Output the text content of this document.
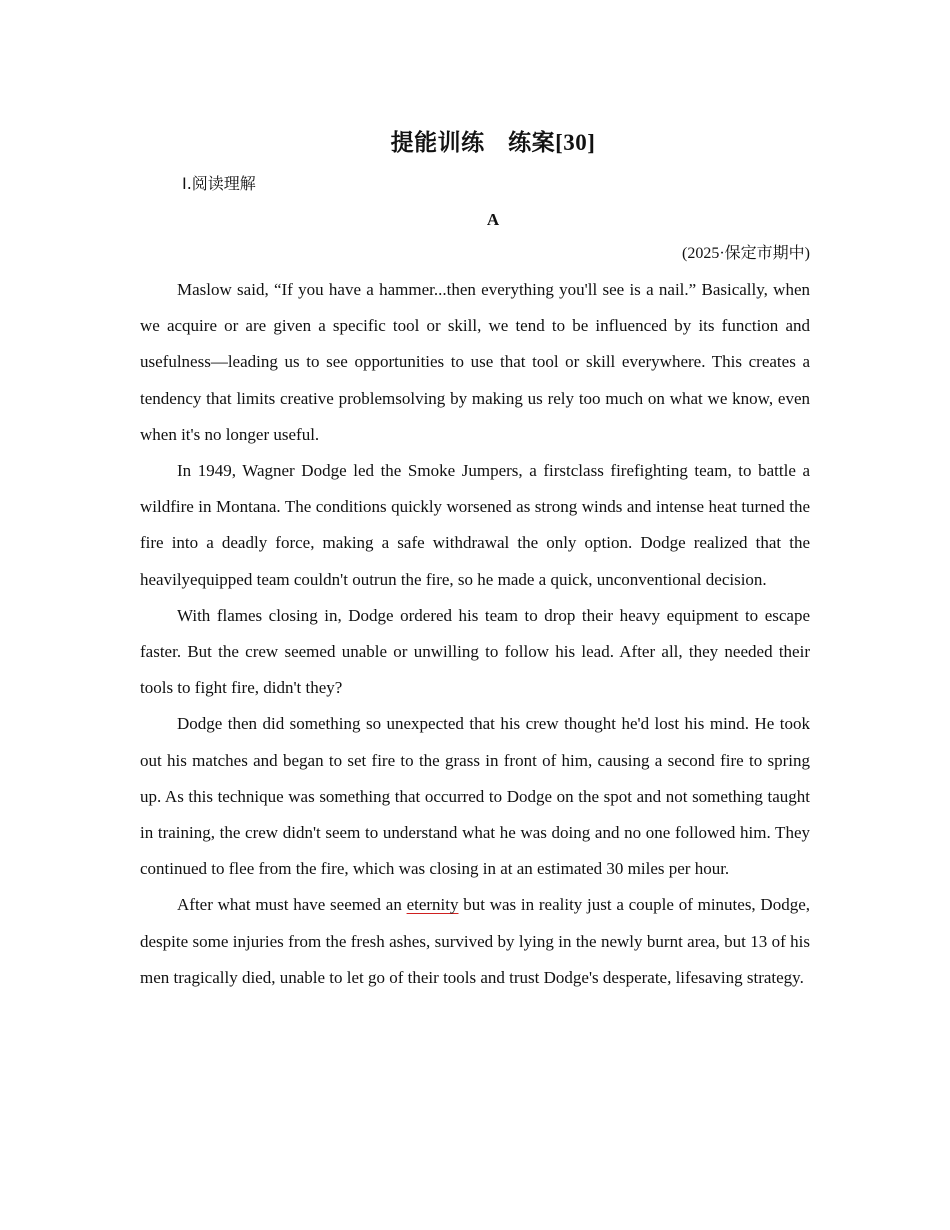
提能训练　练案[30]
Ⅰ.阅读理解
A
(2025·保定市期中)

Maslow said, “If you have a hammer...then everything you'll see is a nail.” Basically, when we acquire or are given a specific tool or skill, we tend to be influenced by its function and usefulness—leading us to see opportunities to use that tool or skill everywhere. This creates a tendency that limits creative problemsolving by making us rely too much on what we know, even when it's no longer useful.

In 1949, Wagner Dodge led the Smoke Jumpers, a firstclass firefighting team, to battle a wildfire in Montana. The conditions quickly worsened as strong winds and intense heat turned the fire into a deadly force, making a safe withdrawal the only option. Dodge realized that the heavilyequipped team couldn't outrun the fire, so he made a quick, unconventional decision.

With flames closing in, Dodge ordered his team to drop their heavy equipment to escape faster. But the crew seemed unable or unwilling to follow his lead. After all, they needed their tools to fight fire, didn't they?

Dodge then did something so unexpected that his crew thought he'd lost his mind. He took out his matches and began to set fire to the grass in front of him, causing a second fire to spring up. As this technique was something that occurred to Dodge on the spot and not something taught in training, the crew didn't seem to understand what he was doing and no one followed him. They continued to flee from the fire, which was closing in at an estimated 30 miles per hour.

After what must have seemed an eternity but was in reality just a couple of minutes, Dodge, despite some injuries from the fresh ashes, survived by lying in the newly burnt area, but 13 of his men tragically died, unable to let go of their tools and trust Dodge's desperate, lifesaving strategy.
